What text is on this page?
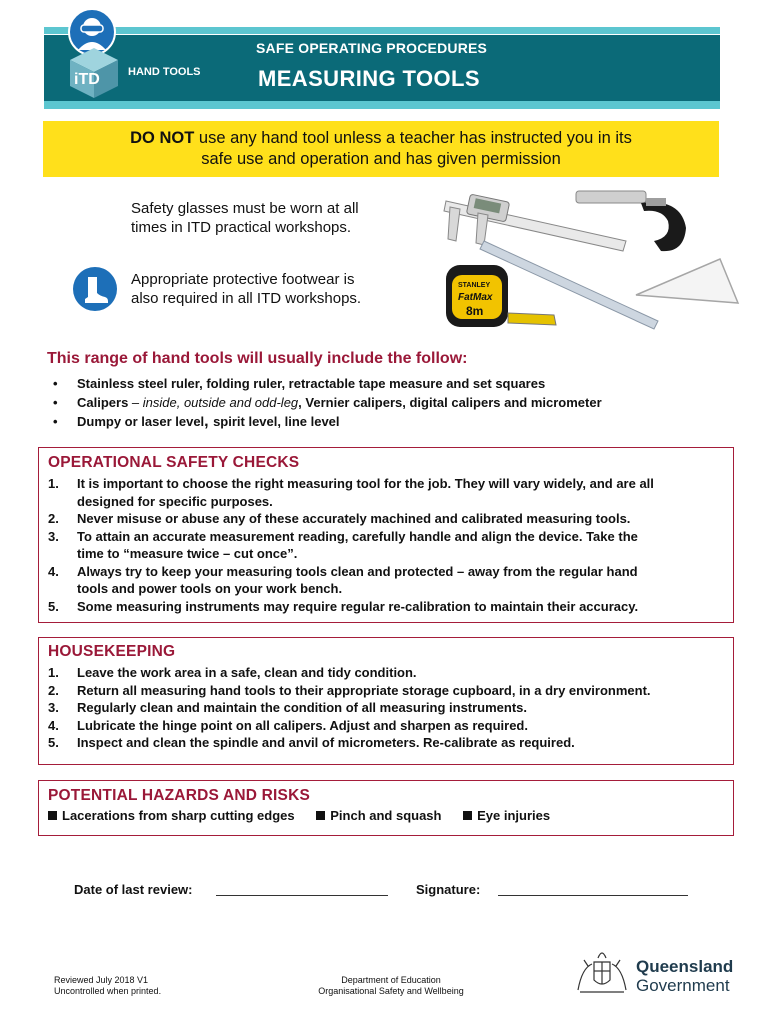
iTD	HAND TOOLS
SAFE OPERATING PROCEDURES
MEASURING TOOLS
DO NOT use any hand tool unless a teacher has instructed you in its
safe use and operation and has given permission
Safety glasses must be worn at all
times in ITD practical workshops.
Appropriate protective footwear is
also required in all ITD workshops.
STANLEY
FatMax
8m
This range of hand tools will usually include the follow:
• Stainless steel ruler, folding ruler, retractable tape measure and set squares
• Calipers – inside, outside and odd-leg, Vernier calipers, digital calipers and micrometer
• Dumpy or laser level, spirit level, line level
OPERATIONAL SAFETY CHECKS
1. It is important to choose the right measuring tool for the job. They will vary widely, and are all
designed for specific purposes.
2. Never misuse or abuse any of these accurately machined and calibrated measuring tools.
3. To attain an accurate measurement reading, carefully handle and align the device. Take the
time to “measure twice – cut once”.
4. Always try to keep your measuring tools clean and protected – away from the regular hand
tools and power tools on your work bench.
5. Some measuring instruments may require regular re-calibration to maintain their accuracy.
HOUSEKEEPING
1. Leave the work area in a safe, clean and tidy condition.
2. Return all measuring hand tools to their appropriate storage cupboard, in a dry environment.
3. Regularly clean and maintain the condition of all measuring instruments.
4. Lubricate the hinge point on all calipers. Adjust and sharpen as required.
5. Inspect and clean the spindle and anvil of micrometers. Re-calibrate as required.
POTENTIAL HAZARDS AND RISKS
Lacerations from sharp cutting edges	Pinch and squash	Eye injuries
Date of last review:	Signature:
Reviewed July 2018 V1
Uncontrolled when printed.
Department of Education
Organisational Safety and Wellbeing
Queensland
Government
